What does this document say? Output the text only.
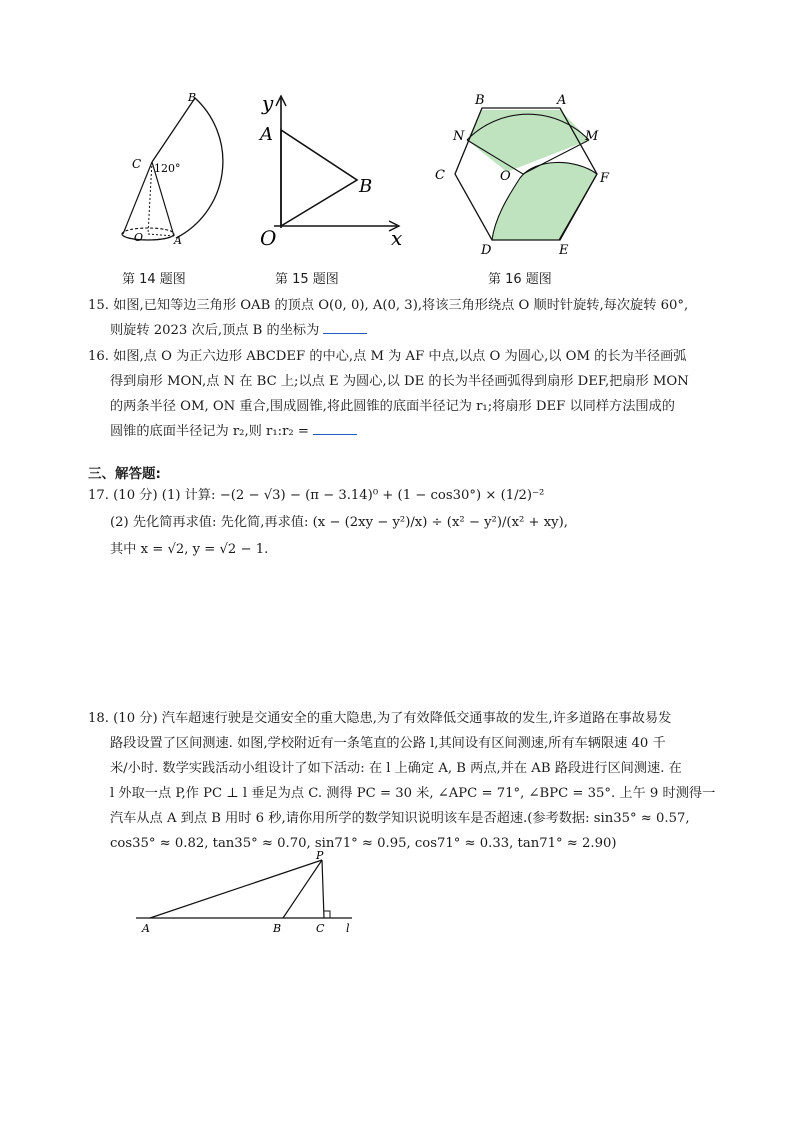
B
C 120°
O	A
y
x
A
B
O
B	A
N	M
C	O	F
D	E
第 14 题图	第 15 题图	第 16 题图

15. 如图,已知等边三角形 OAB 的顶点 O(0, 0), A(0, 3),将该三角形绕点 O 顺时针旋转,每次旋转 60°,

则旋转 2023 次后,顶点 B 的坐标为

16. 如图,点 O 为正六边形 ABCDEF 的中心,点 M 为 AF 中点,以点 O 为圆心,以 OM 的长为半径画弧

得到扇形 MON,点 N 在 BC 上;以点 E 为圆心,以 DE 的长为半径画弧得到扇形 DEF,把扇形 MON

的两条半径 OM, ON 重合,围成圆锥,将此圆锥的底面半径记为 r₁;将扇形 DEF 以同样方法围成的

圆锥的底面半径记为 r₂,则 r₁:r₂ =

三、解答题:

17. (10 分) (1) 计算: −(2 − √3) − (π − 3.14)⁰ + (1 − cos30°) × (1/2)⁻²

(2) 先化简再求值: 先化简,再求值: (x − (2xy − y²)/x) ÷ (x² − y²)/(x² + xy),

其中 x = √2, y = √2 − 1.

18. (10 分) 汽车超速行驶是交通安全的重大隐患,为了有效降低交通事故的发生,许多道路在事故易发

路段设置了区间测速. 如图,学校附近有一条笔直的公路 l,其间设有区间测速,所有车辆限速 40 千

米/小时. 数学实践活动小组设计了如下活动: 在 l 上确定 A, B 两点,并在 AB 路段进行区间测速. 在

l 外取一点 P,作 PC ⊥ l 垂足为点 C. 测得 PC = 30 米, ∠APC = 71°, ∠BPC = 35°. 上午 9 时测得一

汽车从点 A 到点 B 用时 6 秒,请你用所学的数学知识说明该车是否超速.(参考数据: sin35° ≈ 0.57,

cos35° ≈ 0.82, tan35° ≈ 0.70, sin71° ≈ 0.95, cos71° ≈ 0.33, tan71° ≈ 2.90)

P
A	B	C l
